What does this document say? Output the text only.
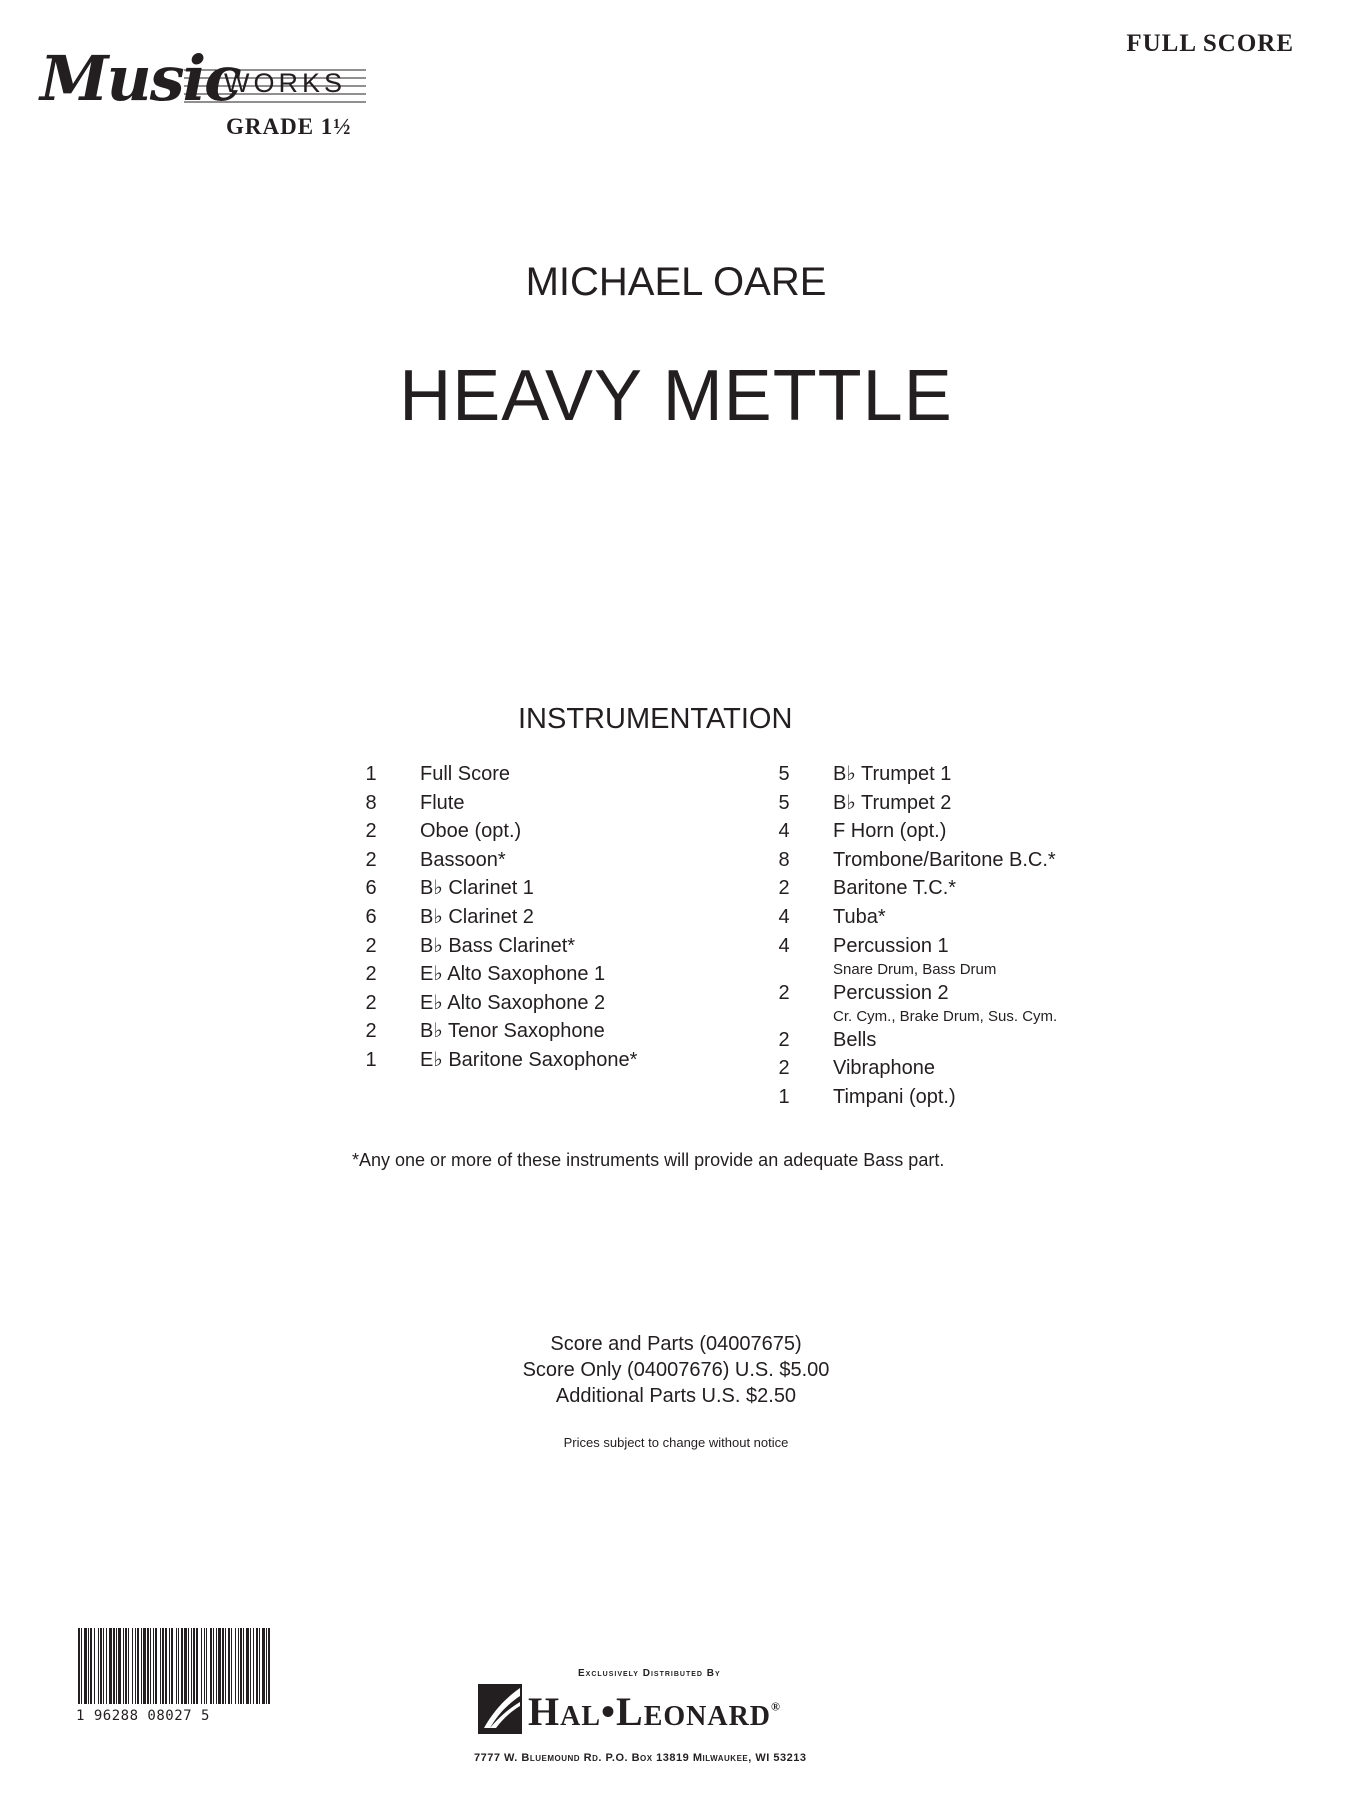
Music
WORKS
GRADE 1½
FULL SCORE
MICHAEL OARE
HEAVY METTLE
INSTRUMENTATION
1	Full Score
8	Flute
2	Oboe (opt.)
2	Bassoon*
6	B♭ Clarinet 1
6	B♭ Clarinet 2
2	B♭ Bass Clarinet*
2	E♭ Alto Saxophone 1
2	E♭ Alto Saxophone 2
2	B♭ Tenor Saxophone
1	E♭ Baritone Saxophone*
5	B♭ Trumpet 1
5	B♭ Trumpet 2
4	F Horn (opt.)
8	Trombone/Baritone B.C.*
2	Baritone T.C.*
4	Tuba*
4	Percussion 1
Snare Drum, Bass Drum
2	Percussion 2
Cr. Cym., Brake Drum, Sus. Cym.
2	Bells
2	Vibraphone
1	Timpani (opt.)
*Any one or more of these instruments will provide an adequate Bass part.
Score and Parts (04007675)
Score Only (04007676) U.S. $5.00
Additional Parts U.S. $2.50
Prices subject to change without notice
1 96288 08027 5
Exclusively Distributed By
Hal•Leonard®
7777 W. Bluemound Rd. P.O. Box 13819 Milwaukee, WI 53213
